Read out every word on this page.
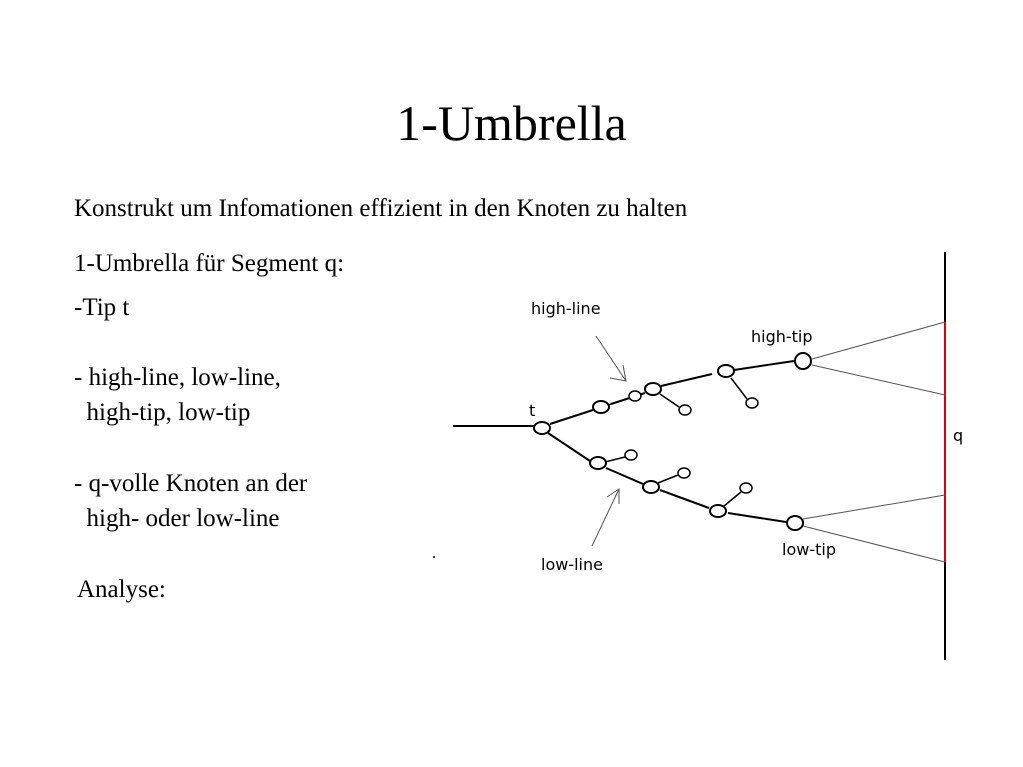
1-Umbrella
Konstrukt um Infomationen effizient in den Knoten zu halten
1-Umbrella für Segment q:
-Tip t
- high-line, low-line,
high-tip, low-tip
- q-volle Knoten an der
high- oder low-line
Analyse:
high-line
high-tip
t
q
low-line
low-tip
